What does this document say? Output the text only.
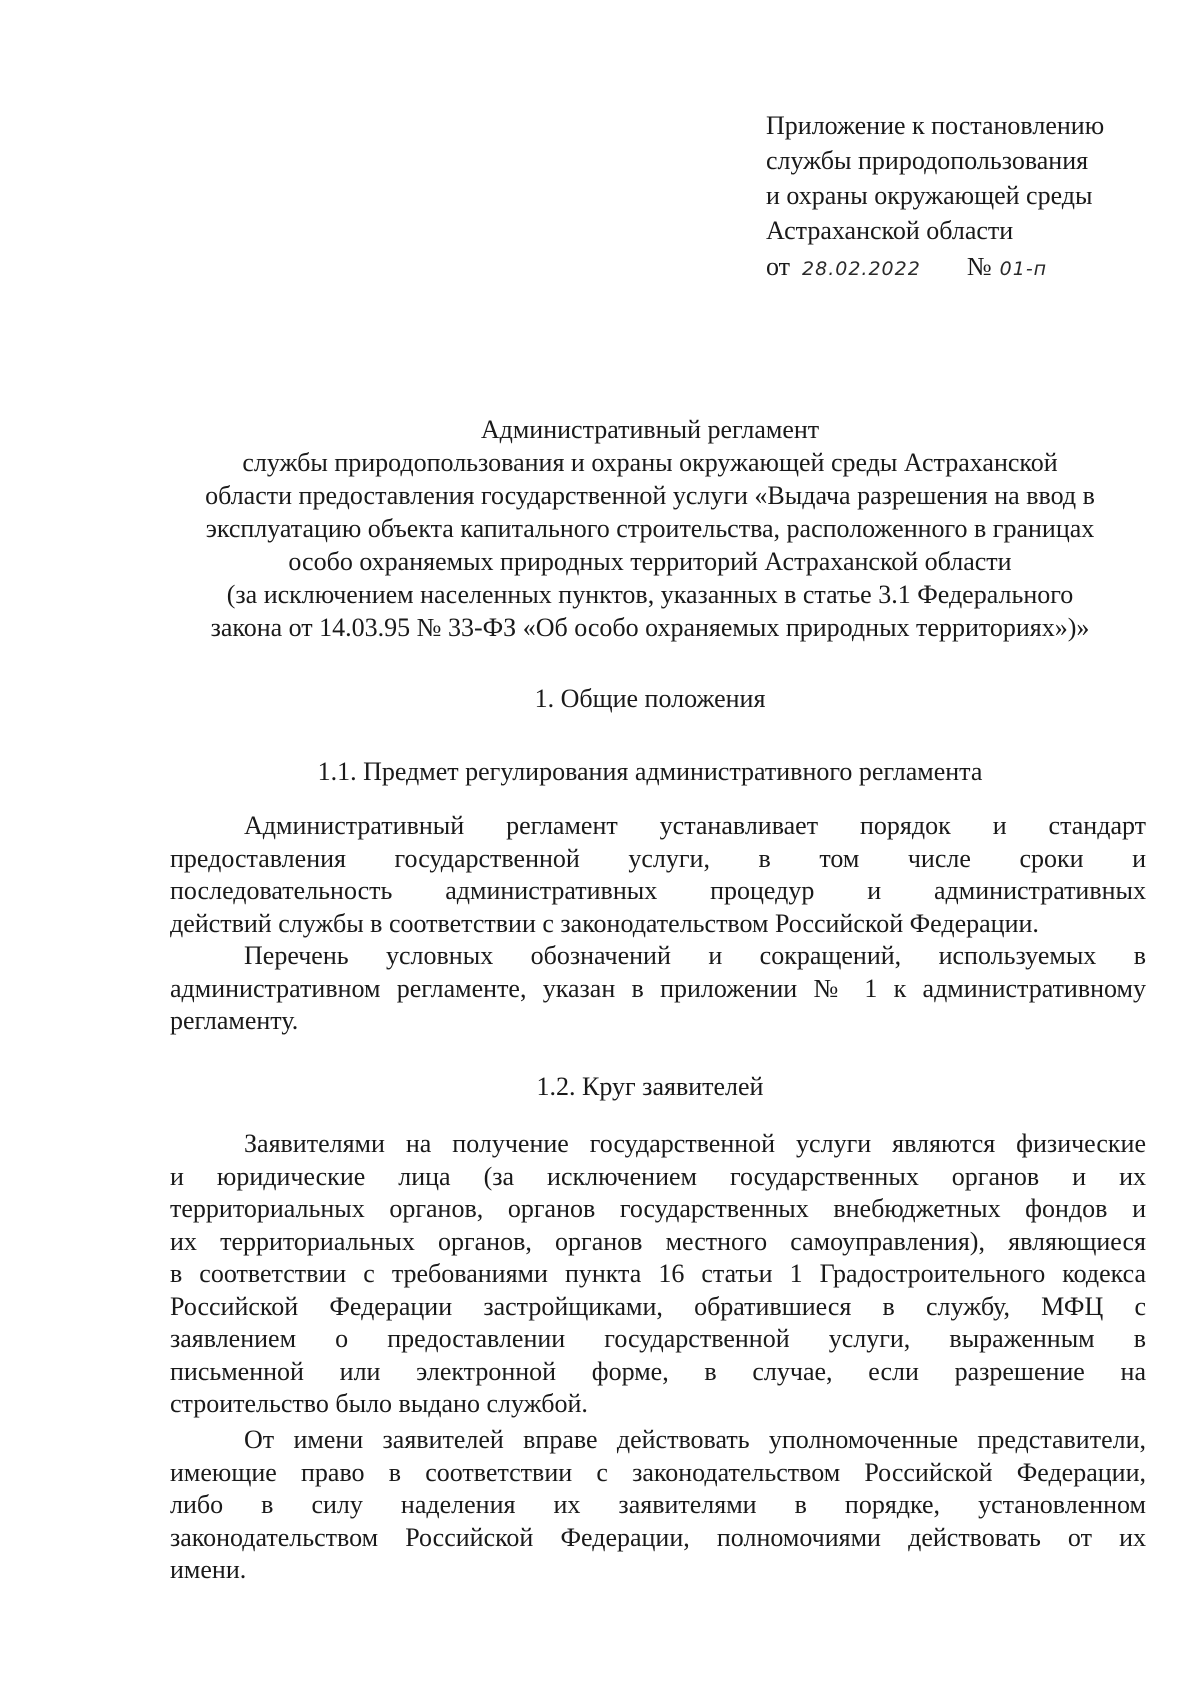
Приложение к постановлению
службы природопользования
и охраны окружающей среды
Астраханской области
от 28.02.2022 № 01-п
Административный регламент
службы природопользования и охраны окружающей среды Астраханской
области предоставления государственной услуги «Выдача разрешения на ввод в
эксплуатацию объекта капитального строительства, расположенного в границах
особо охраняемых природных территорий Астраханской области
(за исключением населенных пунктов, указанных в статье 3.1 Федерального
закона от 14.03.95 № 33-ФЗ «Об особо охраняемых природных территориях»)»
1. Общие положения
1.1. Предмет регулирования административного регламента
Административный регламент устанавливает порядок и стандарт
предоставления государственной услуги, в том числе сроки и
последовательность административных процедур и административных
действий службы в соответствии с законодательством Российской Федерации.
Перечень условных обозначений и сокращений, используемых в
административном регламенте, указан в приложении № 1 к административному
регламенту.
1.2. Круг заявителей
Заявителями на получение государственной услуги являются физические
и юридические лица (за исключением государственных органов и их
территориальных органов, органов государственных внебюджетных фондов и
их территориальных органов, органов местного самоуправления), являющиеся
в соответствии с требованиями пункта 16 статьи 1 Градостроительного кодекса
Российской Федерации застройщиками, обратившиеся в службу, МФЦ с
заявлением о предоставлении государственной услуги, выраженным в
письменной или электронной форме, в случае, если разрешение на
строительство было выдано службой.
От имени заявителей вправе действовать уполномоченные представители,
имеющие право в соответствии с законодательством Российской Федерации,
либо в силу наделения их заявителями в порядке, установленном
законодательством Российской Федерации, полномочиями действовать от их
имени.
